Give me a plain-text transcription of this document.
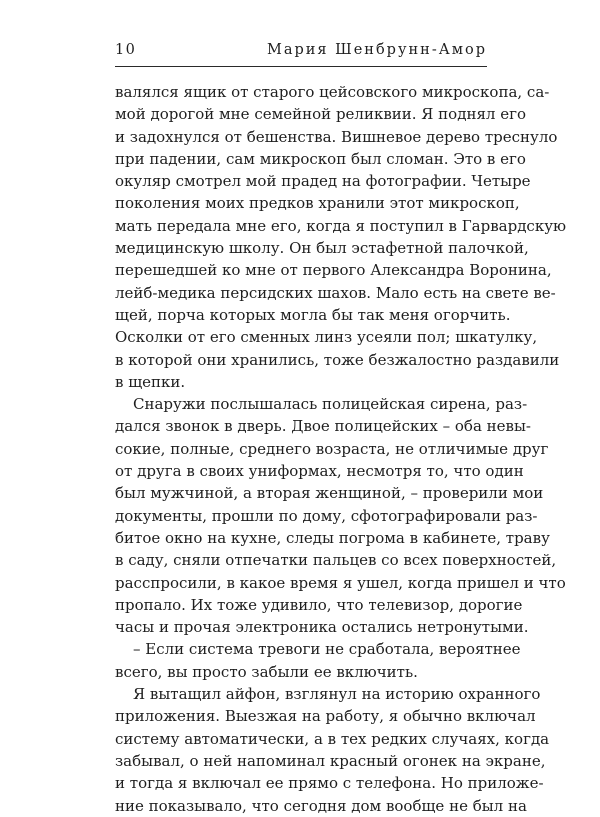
10	Мария Шенбрунн-Амор
валялся ящик от старого цейсовского микроскопа, са-
мой дорогой мне семейной реликвии. Я поднял его
и задохнулся от бешенства. Вишневое дерево треснуло
при падении, сам микроскоп был сломан. Это в его
окуляр смотрел мой прадед на фотографии. Четыре
поколения моих предков хранили этот микроскоп,
мать передала мне его, когда я поступил в Гарвардскую
медицинскую школу. Он был эстафетной палочкой,
перешедшей ко мне от первого Александра Воронина,
лейб-медика персидских шахов. Мало есть на свете ве-
щей, порча которых могла бы так меня огорчить.
Осколки от его сменных линз усеяли пол; шкатулку,
в которой они хранились, тоже безжалостно раздавили
в щепки.
Снаружи послышалась полицейская сирена, раз-
дался звонок в дверь. Двое полицейских – оба невы-
сокие, полные, среднего возраста, не отличимые друг
от друга в своих униформах, несмотря то, что один
был мужчиной, а вторая женщиной, – проверили мои
документы, прошли по дому, сфотографировали раз-
битое окно на кухне, следы погрома в кабинете, траву
в саду, сняли отпечатки пальцев со всех поверхностей,
расспросили, в какое время я ушел, когда пришел и что
пропало. Их тоже удивило, что телевизор, дорогие
часы и прочая электроника остались нетронутыми.
– Если система тревоги не сработала, вероятнее
всего, вы просто забыли ее включить.
Я вытащил айфон, взглянул на историю охранного
приложения. Выезжая на работу, я обычно включал
систему автоматически, а в тех редких случаях, когда
забывал, о ней напоминал красный огонек на экране,
и тогда я включал ее прямо с телефона. Но приложе-
ние показывало, что сегодня дом вообще не был на
